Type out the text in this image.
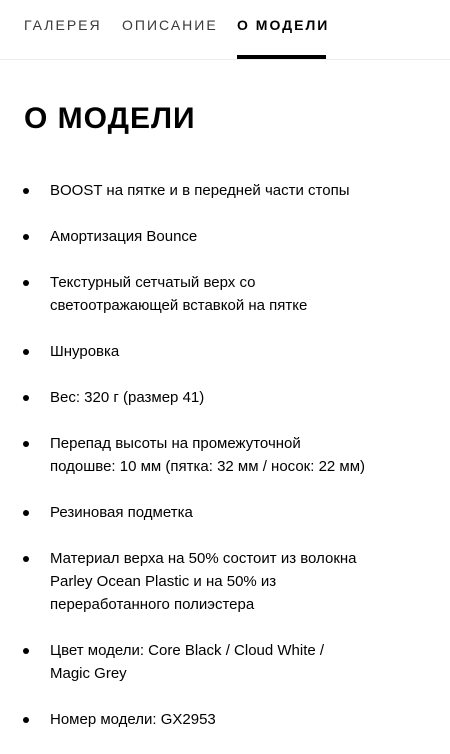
ГАЛЕРЕЯ ОПИСАНИЕ О МОДЕЛИ
О МОДЕЛИ
BOOST на пятке и в передней части стопы
Амортизация Bounce
Текстурный сетчатый верх со
светоотражающей вставкой на пятке
Шнуровка
Вес: 320 г (размер 41)
Перепад высоты на промежуточной
подошве: 10 мм (пятка: 32 мм / носок: 22 мм)
Резиновая подметка
Материал верха на 50% состоит из волокна
Parley Ocean Plastic и на 50% из
переработанного полиэстера
Цвет модели: Core Black / Cloud White /
Magic Grey
Номер модели: GX2953
